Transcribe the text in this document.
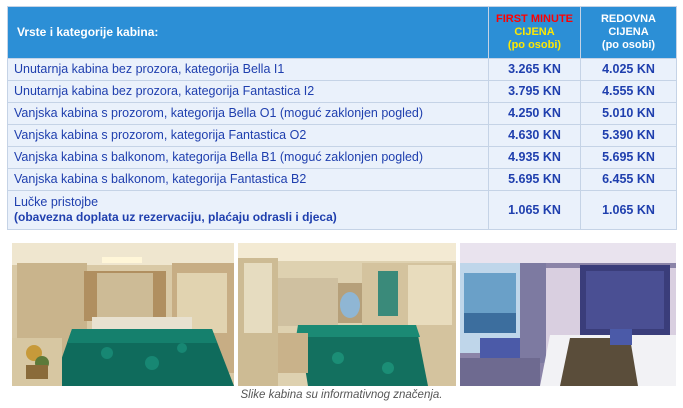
Vrste i kategorije kabina:	FIRST MINUTE
CIJENA
(po osobi)	REDOVNA
CIJENA
(po osobi)

Unutarnja kabina bez prozora, kategorija Bella I1	3.265 KN	4.025 KN
Unutarnja kabina bez prozora, kategorija Fantastica I2	3.795 KN	4.555 KN
Vanjska kabina s prozorom, kategorija Bella O1 (moguć zaklonjen pogled)	4.250 KN	5.010 KN
Vanjska kabina s prozorom, kategorija Fantastica O2	4.630 KN	5.390 KN
Vanjska kabina s balkonom, kategorija Bella B1 (moguć zaklonjen pogled)	4.935 KN	5.695 KN
Vanjska kabina s balkonom, kategorija Fantastica B2	5.695 KN	6.455 KN
Lučke pristojbe
(obavezna doplata uz rezervaciju, plaćaju odrasli i djeca)	1.065 KN	1.065 KN
Slike kabina su informativnog značenja.
